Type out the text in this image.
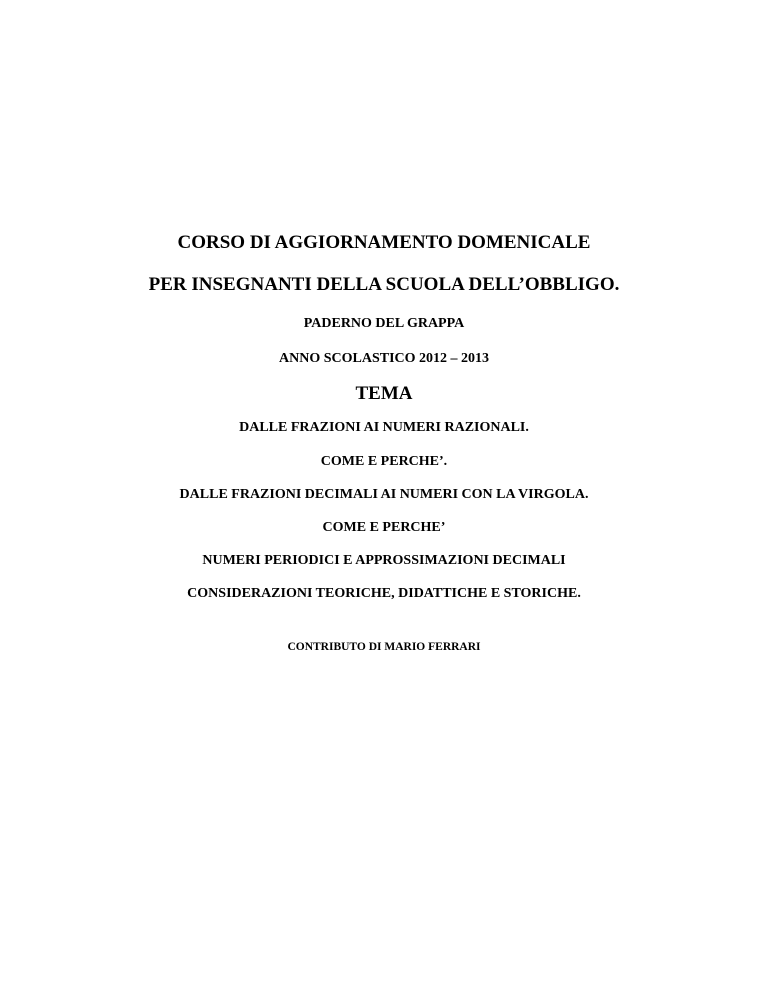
CORSO DI AGGIORNAMENTO DOMENICALE
PER INSEGNANTI DELLA SCUOLA DELL’OBBLIGO.
PADERNO DEL GRAPPA
ANNO SCOLASTICO 2012 – 2013
TEMA
DALLE FRAZIONI AI NUMERI RAZIONALI.
COME E PERCHE’.
DALLE FRAZIONI DECIMALI AI NUMERI CON LA VIRGOLA.
COME E PERCHE’
NUMERI PERIODICI E APPROSSIMAZIONI DECIMALI
CONSIDERAZIONI TEORICHE, DIDATTICHE E STORICHE.
CONTRIBUTO DI MARIO FERRARI
